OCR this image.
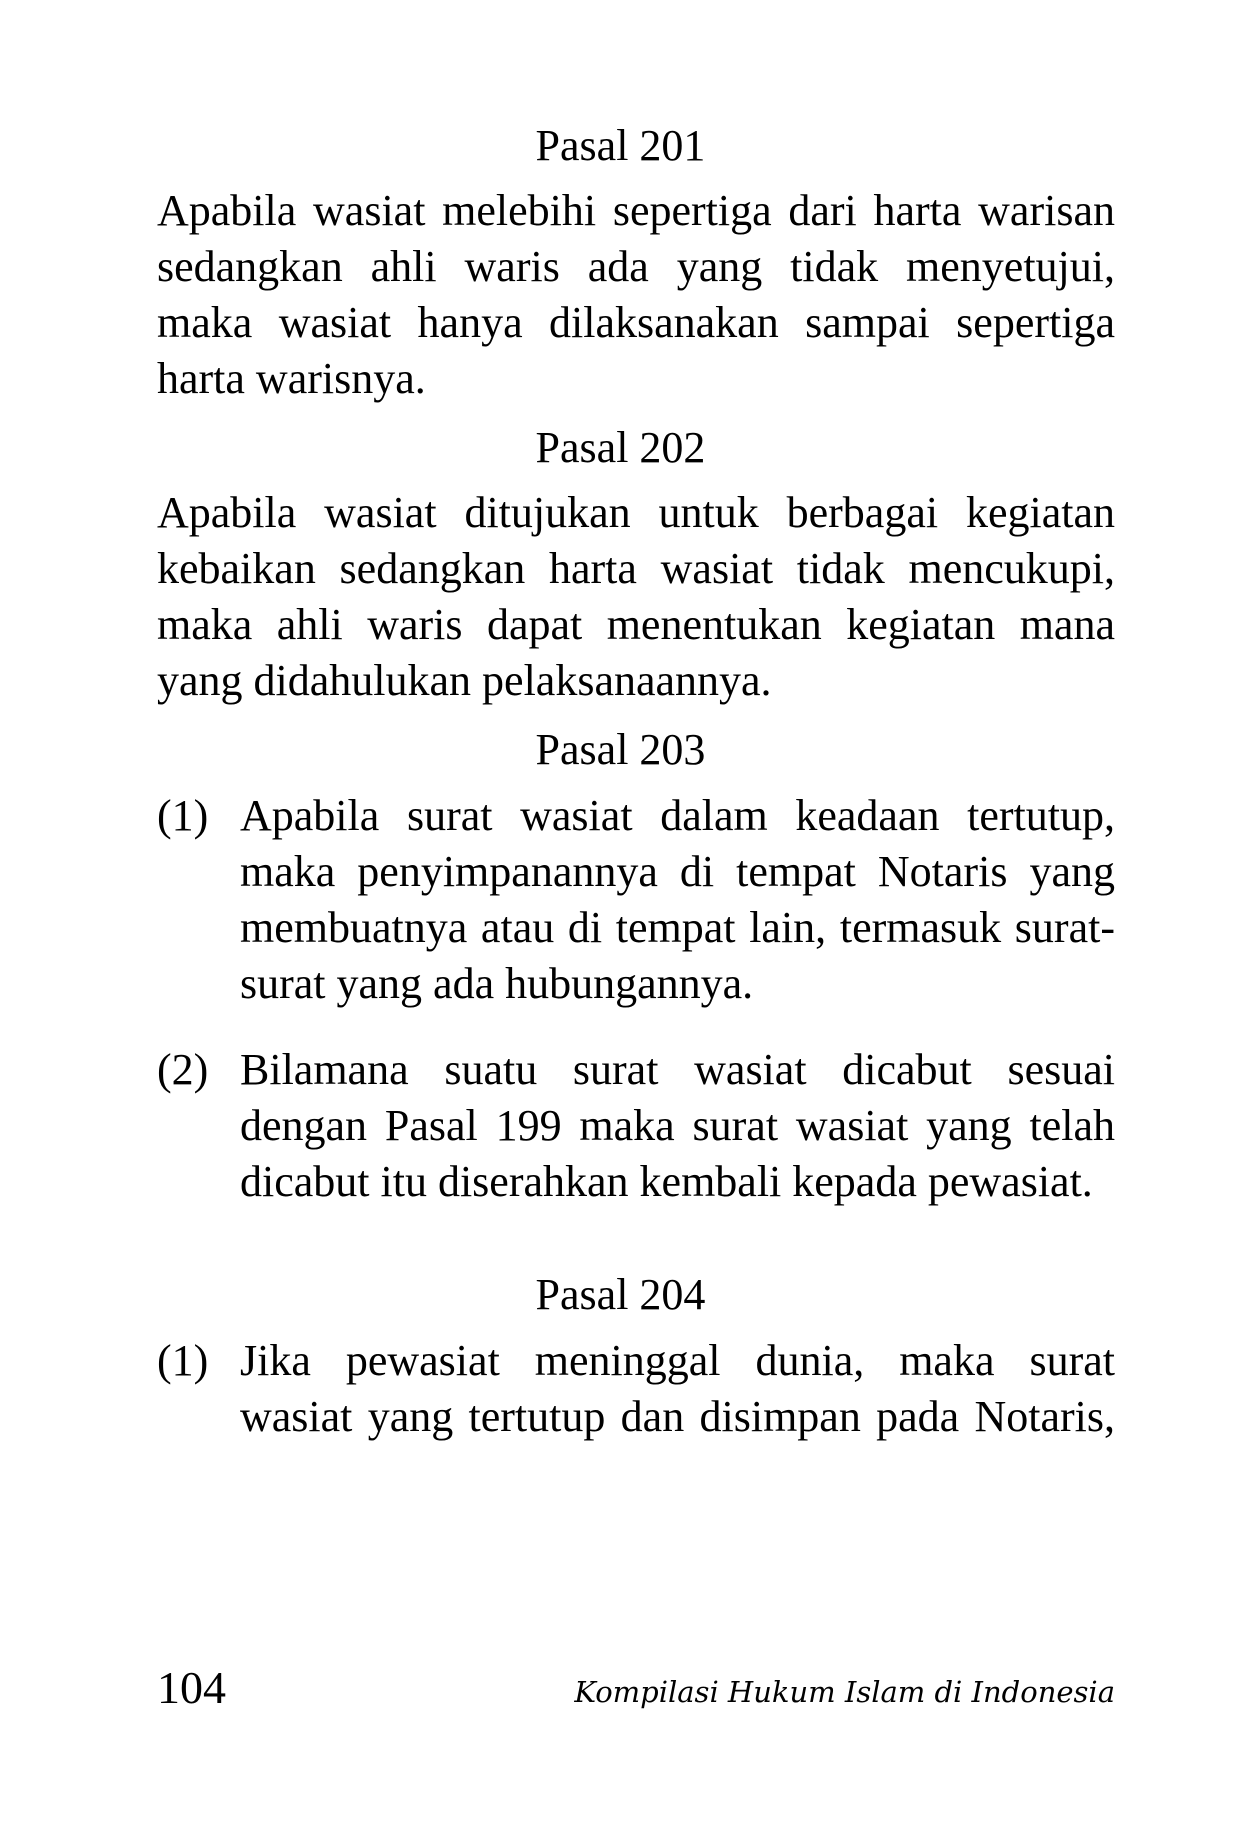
Pasal 201
Apabila wasiat melebihi sepertiga dari harta warisan
sedangkan ahli waris ada yang tidak menyetujui,
maka wasiat hanya dilaksanakan sampai sepertiga
harta warisnya.
Pasal 202
Apabila wasiat ditujukan untuk berbagai kegiatan
kebaikan sedangkan harta wasiat tidak mencukupi,
maka ahli waris dapat menentukan kegiatan mana
yang didahulukan pelaksanaannya.
Pasal 203
(1) Apabila surat wasiat dalam keadaan tertutup,
maka penyimpanannya di tempat Notaris yang
membuatnya atau di tempat lain, termasuk surat-
surat yang ada hubungannya.
(2) Bilamana suatu surat wasiat dicabut sesuai
dengan Pasal 199 maka surat wasiat yang telah
dicabut itu diserahkan kembali kepada pewasiat.
Pasal 204
(1) Jika pewasiat meninggal dunia, maka surat
wasiat yang tertutup dan disimpan pada Notaris,
104	Kompilasi Hukum Islam di Indonesia
